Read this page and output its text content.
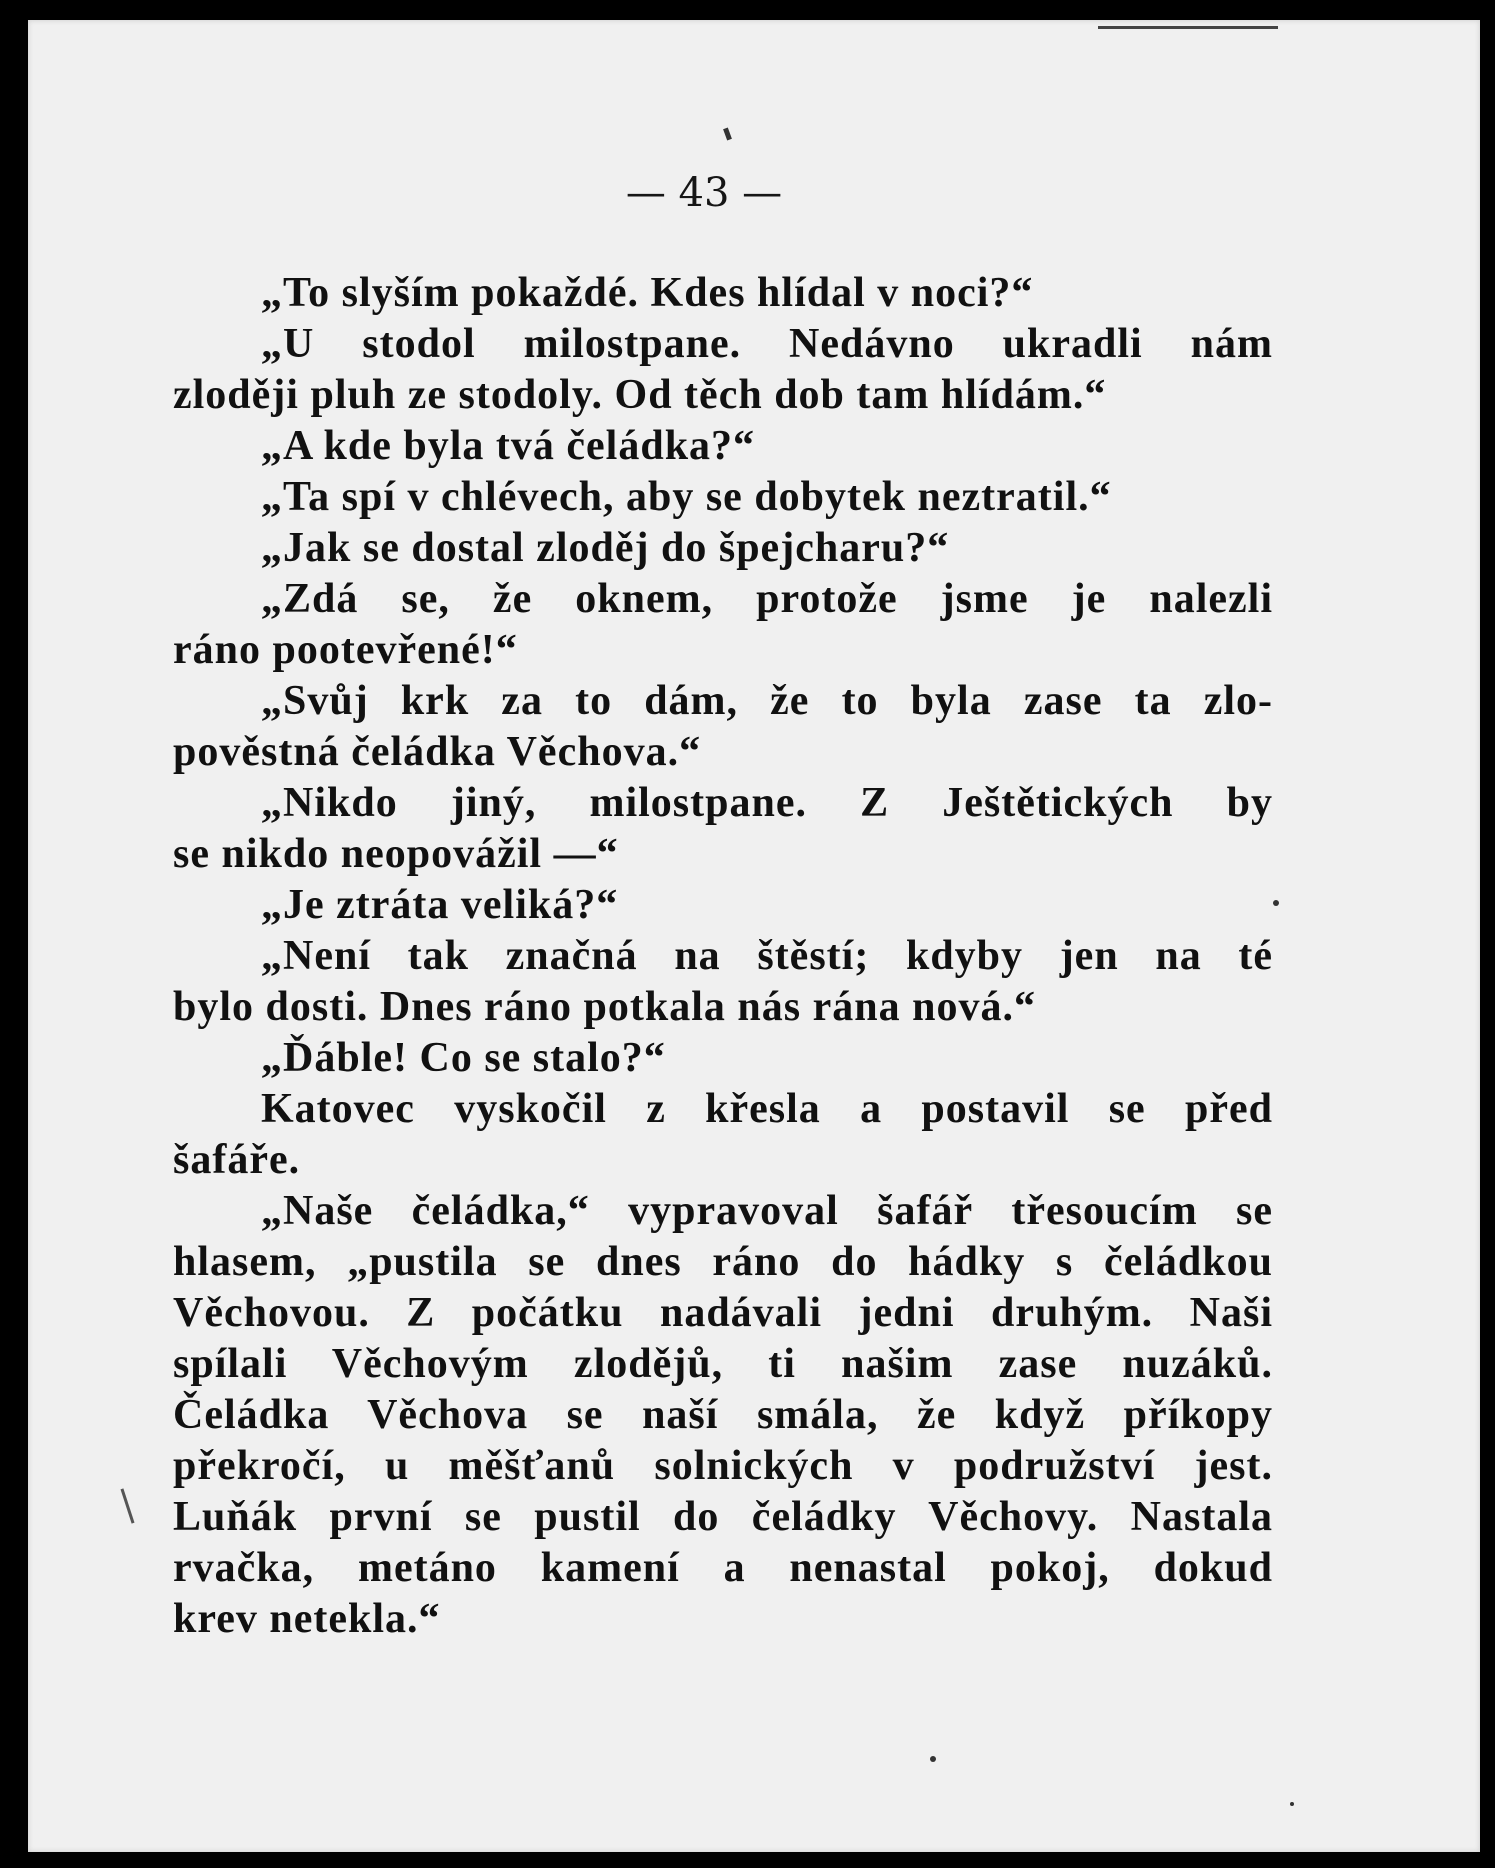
— 43 —
„To slyším pokaždé. Kdes hlídal v noci?“
„U stodol milostpane. Nedávno ukradli nám
zloději pluh ze stodoly. Od těch dob tam hlídám.“
„A kde byla tvá čeládka?“
„Ta spí v chlévech, aby se dobytek neztratil.“
„Jak se dostal zloděj do špejcharu?“
„Zdá se, že oknem, protože jsme je nalezli
ráno pootevřené!“
„Svůj krk za to dám, že to byla zase ta zlo-
pověstná čeládka Věchova.“
„Nikdo jiný, milostpane. Z Ještětických by
se nikdo neopovážil —“
„Je ztráta veliká?“
„Není tak značná na štěstí; kdyby jen na té
bylo dosti. Dnes ráno potkala nás rána nová.“
„Ďáble! Co se stalo?“
Katovec vyskočil z křesla a postavil se před
šafáře.
„Naše čeládka,“ vypravoval šafář třesoucím se
hlasem, „pustila se dnes ráno do hádky s čeládkou
Věchovou. Z počátku nadávali jedni druhým. Naši
spílali Věchovým zlodějů, ti našim zase nuzáků.
Čeládka Věchova se naší smála, že když příkopy
překročí, u měšťanů solnických v podružství jest.
Luňák první se pustil do čeládky Věchovy. Nastala
rvačka, metáno kamení a nenastal pokoj, dokud
krev netekla.“
